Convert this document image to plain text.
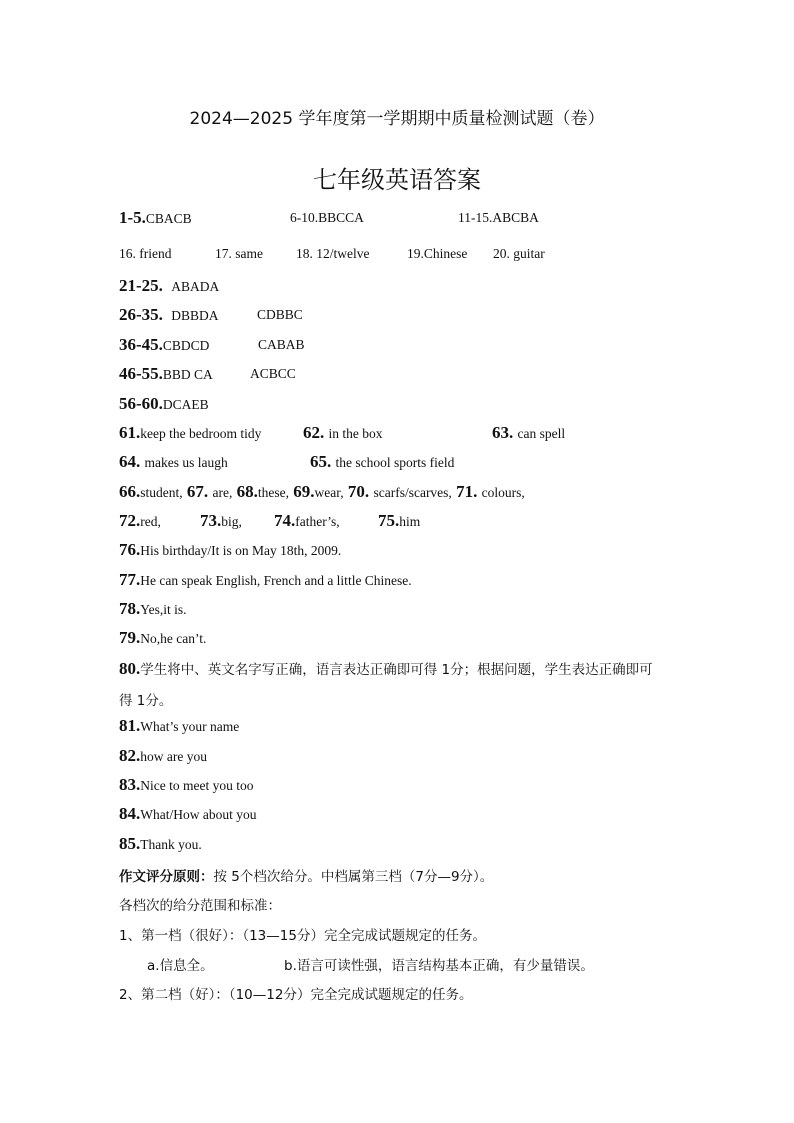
2024—2025 学年度第一学期期中质量检测试题（卷）
七年级英语答案
1-5.CBACB	6-10.BBCCA	11-15.ABCBA
16. friend	17. same 18. 12/twelve	19.Chinese 20. guitar
21-25. ABADA
26-35. DBBDA	CDBBC
36-45.CBDCD	CABAB
46-55.BBD CA	ACBCC
56-60.DCAEB
61.keep the bedroom tidy 62. in the box	63. can spell
64. makes us laugh	65. the school sports field
66.student, 67. are, 68.these, 69.wear, 70. scarfs/scarves, 71. colours,
72.red, 73.big, 74.father’s, 75.him
76.His birthday/It is on May 18th, 2009.
77.He can speak English, French and a little Chinese.
78.Yes,it is.
79.No,he can’t.
80.学生将中、英文名字写正确，语言表达正确即可得 1分；根据问题，学生表达正确即可
得 1分。
81.What’s your name
82.how are you
83.Nice to meet you too
84.What/How about you
85.Thank you.
作文评分原则：按 5个档次给分。中档属第三档（7分—9分）。
各档次的给分范围和标准：
1、第一档（很好）：（13—15分）完全完成试题规定的任务。
a.信息全。	b.语言可读性强，语言结构基本正确，有少量错误。
2、第二档（好）：（10—12分）完全完成试题规定的任务。
